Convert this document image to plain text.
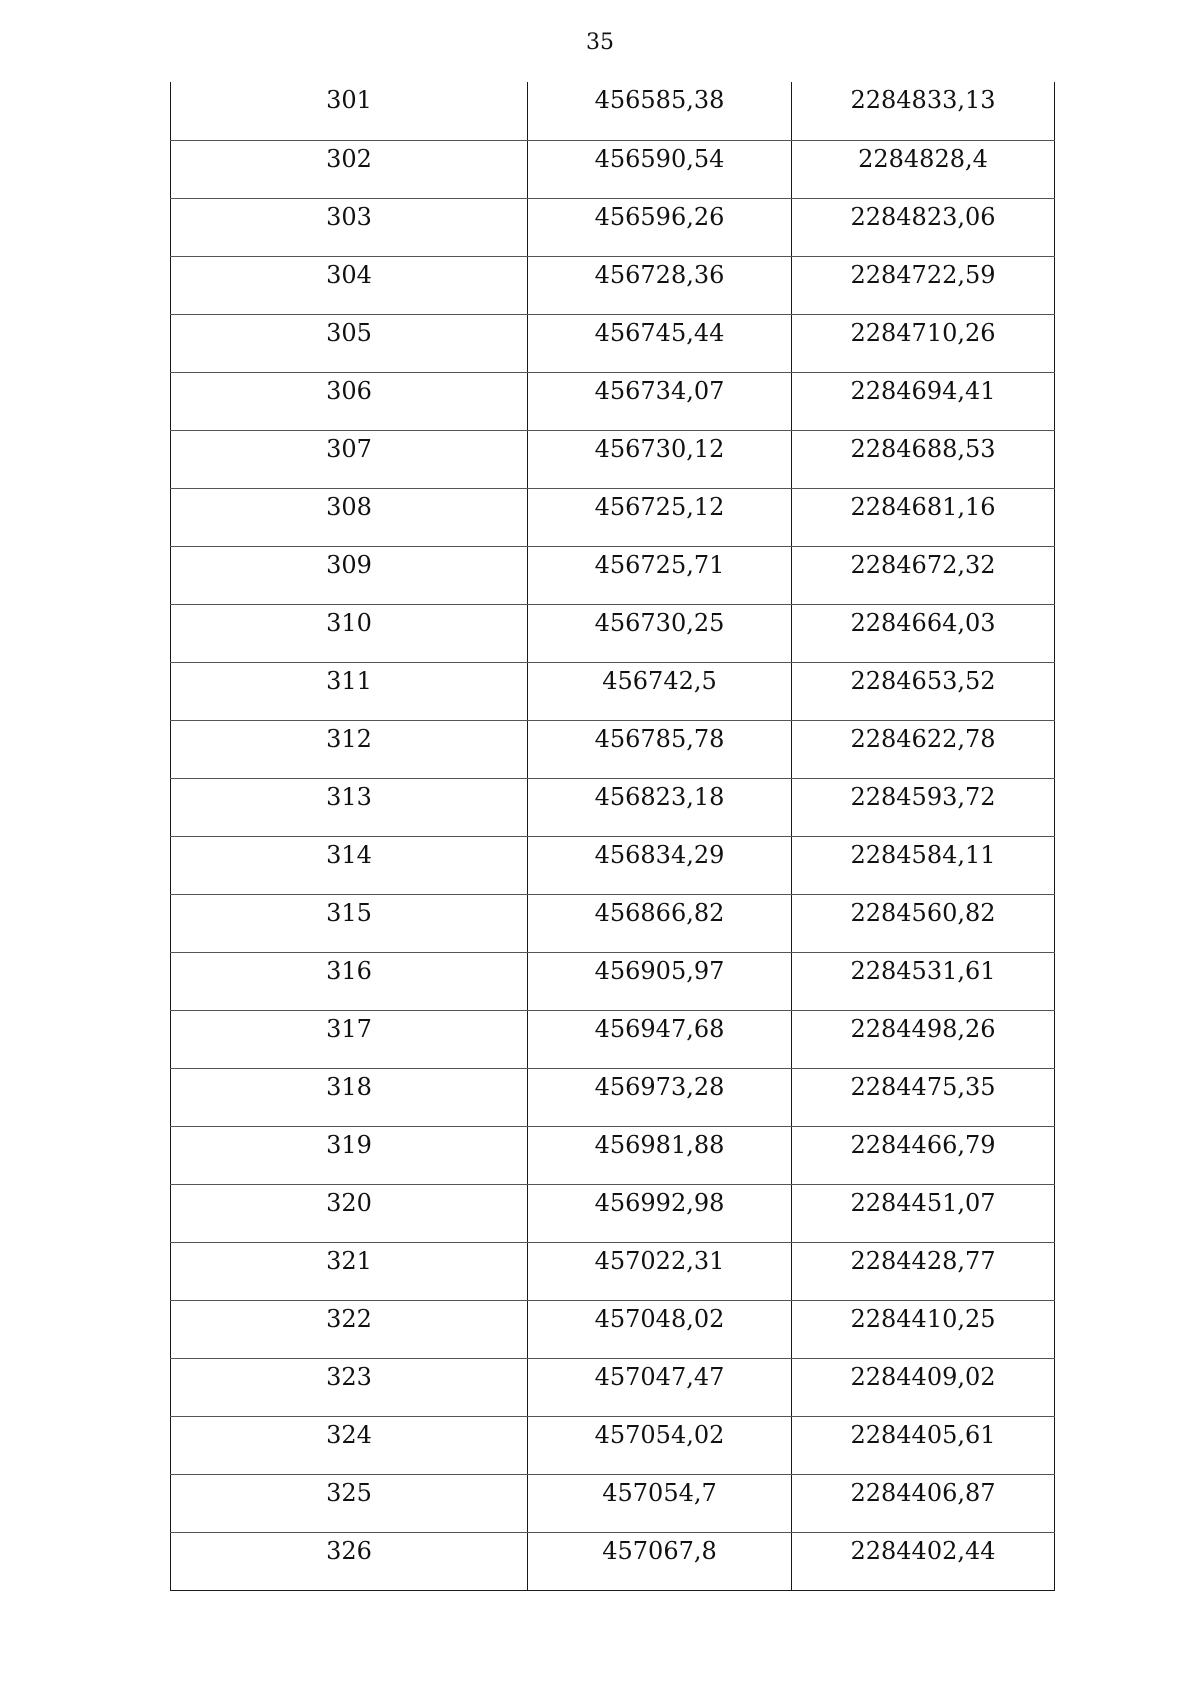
35
301	456585,38	2284833,13
302	456590,54	2284828,4
303	456596,26	2284823,06
304	456728,36	2284722,59
305	456745,44	2284710,26
306	456734,07	2284694,41
307	456730,12	2284688,53
308	456725,12	2284681,16
309	456725,71	2284672,32
310	456730,25	2284664,03
311	456742,5	2284653,52
312	456785,78	2284622,78
313	456823,18	2284593,72
314	456834,29	2284584,11
315	456866,82	2284560,82
316	456905,97	2284531,61
317	456947,68	2284498,26
318	456973,28	2284475,35
319	456981,88	2284466,79
320	456992,98	2284451,07
321	457022,31	2284428,77
322	457048,02	2284410,25
323	457047,47	2284409,02
324	457054,02	2284405,61
325	457054,7	2284406,87
326	457067,8	2284402,44
